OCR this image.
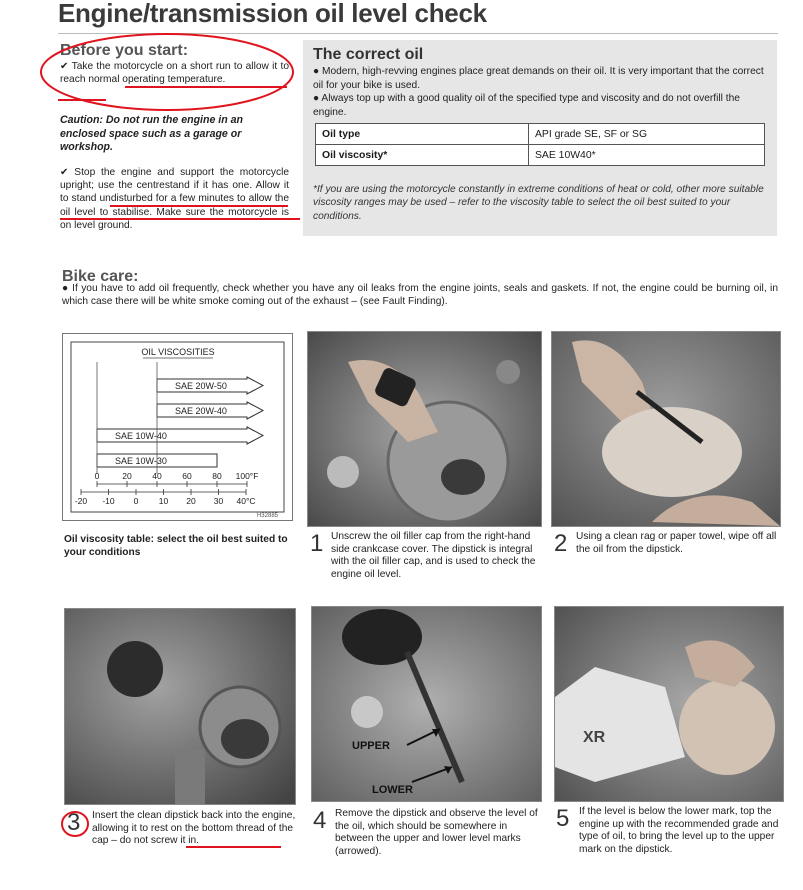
Engine/transmission oil level check
Before you start:
✔ Take the motorcycle on a short run to allow it to reach normal operating temperature.
Caution: Do not run the engine in an enclosed space such as a garage or workshop.
✔ Stop the engine and support the motorcycle upright; use the centrestand if it has one. Allow it to stand undisturbed for a few minutes to allow the oil level to stabilise. Make sure the motorcycle is on level ground.
The correct oil
● Modern, high-revving engines place great demands on their oil. It is very important that the correct oil for your bike is used.
● Always top up with a good quality oil of the specified type and viscosity and do not overfill the engine.
Oil type	API grade SE, SF or SG
Oil viscosity*	SAE 10W40*
*If you are using the motorcycle constantly in extreme conditions of heat or cold, other more suitable viscosity ranges may be used – refer to the viscosity table to select the oil best suited to your conditions.
Bike care:
● If you have to add oil frequently, check whether you have any oil leaks from the engine joints, seals and gaskets. If not, the engine could be burning oil, in which case there will be white smoke coming out of the exhaust – (see Fault Finding).
OIL VISCOSITIES
SAE 20W-50
SAE 20W-40
SAE 10W-40
SAE 10W-30
0	20 40 60 80 100°F
-20 -10 0 10 20 30 40°C
H32885
Oil viscosity table: select the oil best suited to your conditions	1 Unscrew the oil filler cap from the right-hand side crankcase cover. The dipstick is integral with the oil filler cap, and is used to check the engine oil level.
2 Using a clean rag or paper towel, wipe off all the oil from the dipstick.
3 Insert the clean dipstick back into the engine, allowing it to rest on the bottom thread of the cap – do not screw it in.
UPPER
LOWER
4 Remove the dipstick and observe the level of the oil, which should be somewhere in between the upper and lower level marks (arrowed).
XR
5 If the level is below the lower mark, top the engine up with the recommended grade and type of oil, to bring the level up to the upper mark on the dipstick.
